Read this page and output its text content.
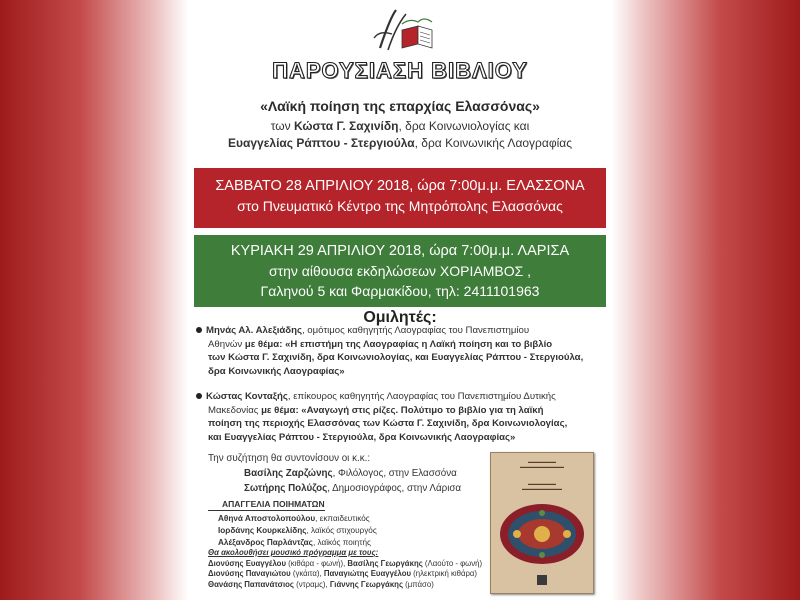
ΠΑΡΟΥΣΙΑΣΗ ΒΙΒΛΙΟΥ
«Λαϊκή ποίηση της επαρχίας Ελασσόνας»
των Κώστα Γ. Σαχινίδη, δρα Κοινωνιολογίας και
Ευαγγελίας Ράπτου - Στεργιούλα, δρα Κοινωνικής Λαογραφίας
ΣΑΒΒΑΤΟ 28 ΑΠΡΙΛΙΟΥ 2018, ώρα 7:00μ.μ. ΕΛΑΣΣΟΝΑ
στο Πνευματικό Κέντρο της Μητρόπολης Ελασσόνας
ΚΥΡΙΑΚΗ 29 ΑΠΡΙΛΙΟΥ 2018, ώρα 7:00μ.μ. ΛΑΡΙΣΑ
στην αίθουσα εκδηλώσεων ΧΟΡΙΑΜΒΟΣ ,
Γαληνού 5 και Φαρμακίδου, τηλ: 2411101963
Ομιλητές:
Μηνάς Αλ. Αλεξιάδης, ομότιμος καθηγητής Λαογραφίας του Πανεπιστημίου
Αθηνών με θέμα: «Η επιστήμη της Λαογραφίας η Λαϊκή ποίηση και το βιβλίο
των Κώστα Γ. Σαχινίδη, δρα Κοινωνιολογίας, και Ευαγγελίας Ράπτου - Στεργιούλα,
δρα Κοινωνικής Λαογραφίας»
Κώστας Κονταξής, επίκουρος καθηγητής Λαογραφίας του Πανεπιστημίου Δυτικής
Μακεδονίας με θέμα: «Αναγωγή στις ρίζες. Πολύτιμο το βιβλίο για τη λαϊκή
ποίηση της περιοχής Ελασσόνας των Κώστα Γ. Σαχινίδη, δρα Κοινωνιολογίας,
και Ευαγγελίας Ράπτου - Στεργιούλα, δρα Κοινωνικής Λαογραφίας»
Την συζήτηση θα συντονίσουν οι κ.κ.:
Βασίλης Ζαρζώνης, Φιλόλογος, στην Ελασσόνα
Σωτήρης Πολύζος, Δημοσιογράφος, στην Λάρισα
ΑΠΑΓΓΕΛΙΑ ΠΟΙΗΜΑΤΩΝ
Αθηνά Αποστολοπούλου, εκπαιδευτικός
Ιορδάνης Κουρκελίδης, λαϊκός στιχουργός
Αλέξανδρος Παρλάντζας, λαϊκός ποιητής
Θα ακολουθήσει μουσικό πρόγραμμα με τους:
Διονύσης Ευαγγέλου (κιθάρα - φωνή), Βασίλης Γεωργάκης (Λαούτο - φωνή)
Διονύσης Παναγιώτου (γκάιτα), Παναγιώτης Ευαγγέλου (ηλεκτρική κιθάρα)
Θανάσης Παπανάτσιος (ντραμς), Γιάννης Γεωργάκης (μπάσο)
▬▬▬▬▬▬▬
▬▬▬▬▬▬▬▬▬▬▬
▬▬▬▬▬▬▬
▬▬▬▬▬▬▬▬▬▬
